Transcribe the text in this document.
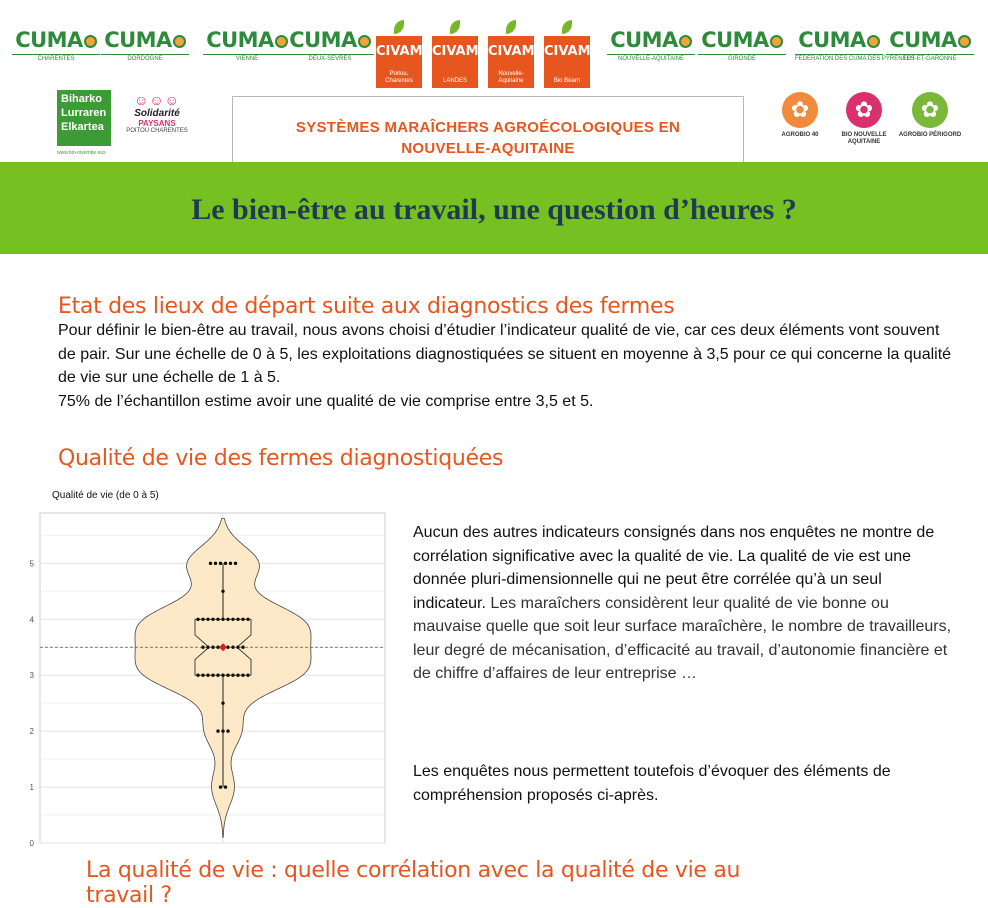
CUMA
CHARENTES
CUMA
DORDOGNE
CUMA
VIENNE
CUMA
DEUX-SEVRES	CIVAM
Poitou, Charentes
CIVAM
LANDES
CIVAM
Nouvelle-Aquitaine
CIVAM
Bio Béarn
CUMA
NOUVELLE-AQUITAINE
CUMA
GIRONDE
CUMA
FÉDÉRATION DES CUMA DES PYRÉNÉES
CUMA
LOT-ET-GARONNE
Biharko
Lurraren
Elkartea
www.bio-nivembe.eus
☺☺☺
Solidarité
PAYSANS
POITOU CHARENTES	SYSTÈMES MARAÎCHERS AGROÉCOLOGIQUES EN
NOUVELLE-AQUITAINE
✿
AGROBIO 40
✿	BIO NOUVELLE AQUITAINE
✿
AGROBIO PÉRIGORD
Le bien-être au travail, une question d’heures ?
Etat des lieux de départ suite aux diagnostics des fermes
Pour définir le bien-être au travail, nous avons choisi d’étudier l’indicateur qualité de vie, car ces deux éléments vont souvent de pair. Sur une échelle de 0 à 5, les exploitations diagnostiquées se situent en moyenne à 3,5 pour ce qui concerne la qualité de vie sur une échelle de 1 à 5.
75% de l’échantillon estime avoir une qualité de vie comprise entre 3,5 et 5.
Qualité de vie des fermes diagnostiquées
Qualité de vie (de 0 à 5)
0
1
2
3
4
5
Aucun des autres indicateurs consignés dans nos enquêtes ne montre de corrélation significative avec la qualité de vie. La qualité de vie est une donnée pluri-dimensionnelle qui ne peut être corrélée qu’à un seul indicateur. Les maraîchers considèrent leur qualité de vie bonne ou mauvaise quelle que soit leur surface maraîchère, le nombre de travailleurs, leur degré de mécanisation, d’efficacité au travail, d’autonomie financière et de chiffre d’affaires de leur entreprise …
Les enquêtes nous permettent toutefois d’évoquer des éléments de compréhension proposés ci-après.
La qualité de vie : quelle corrélation avec la qualité de vie au travail ?
